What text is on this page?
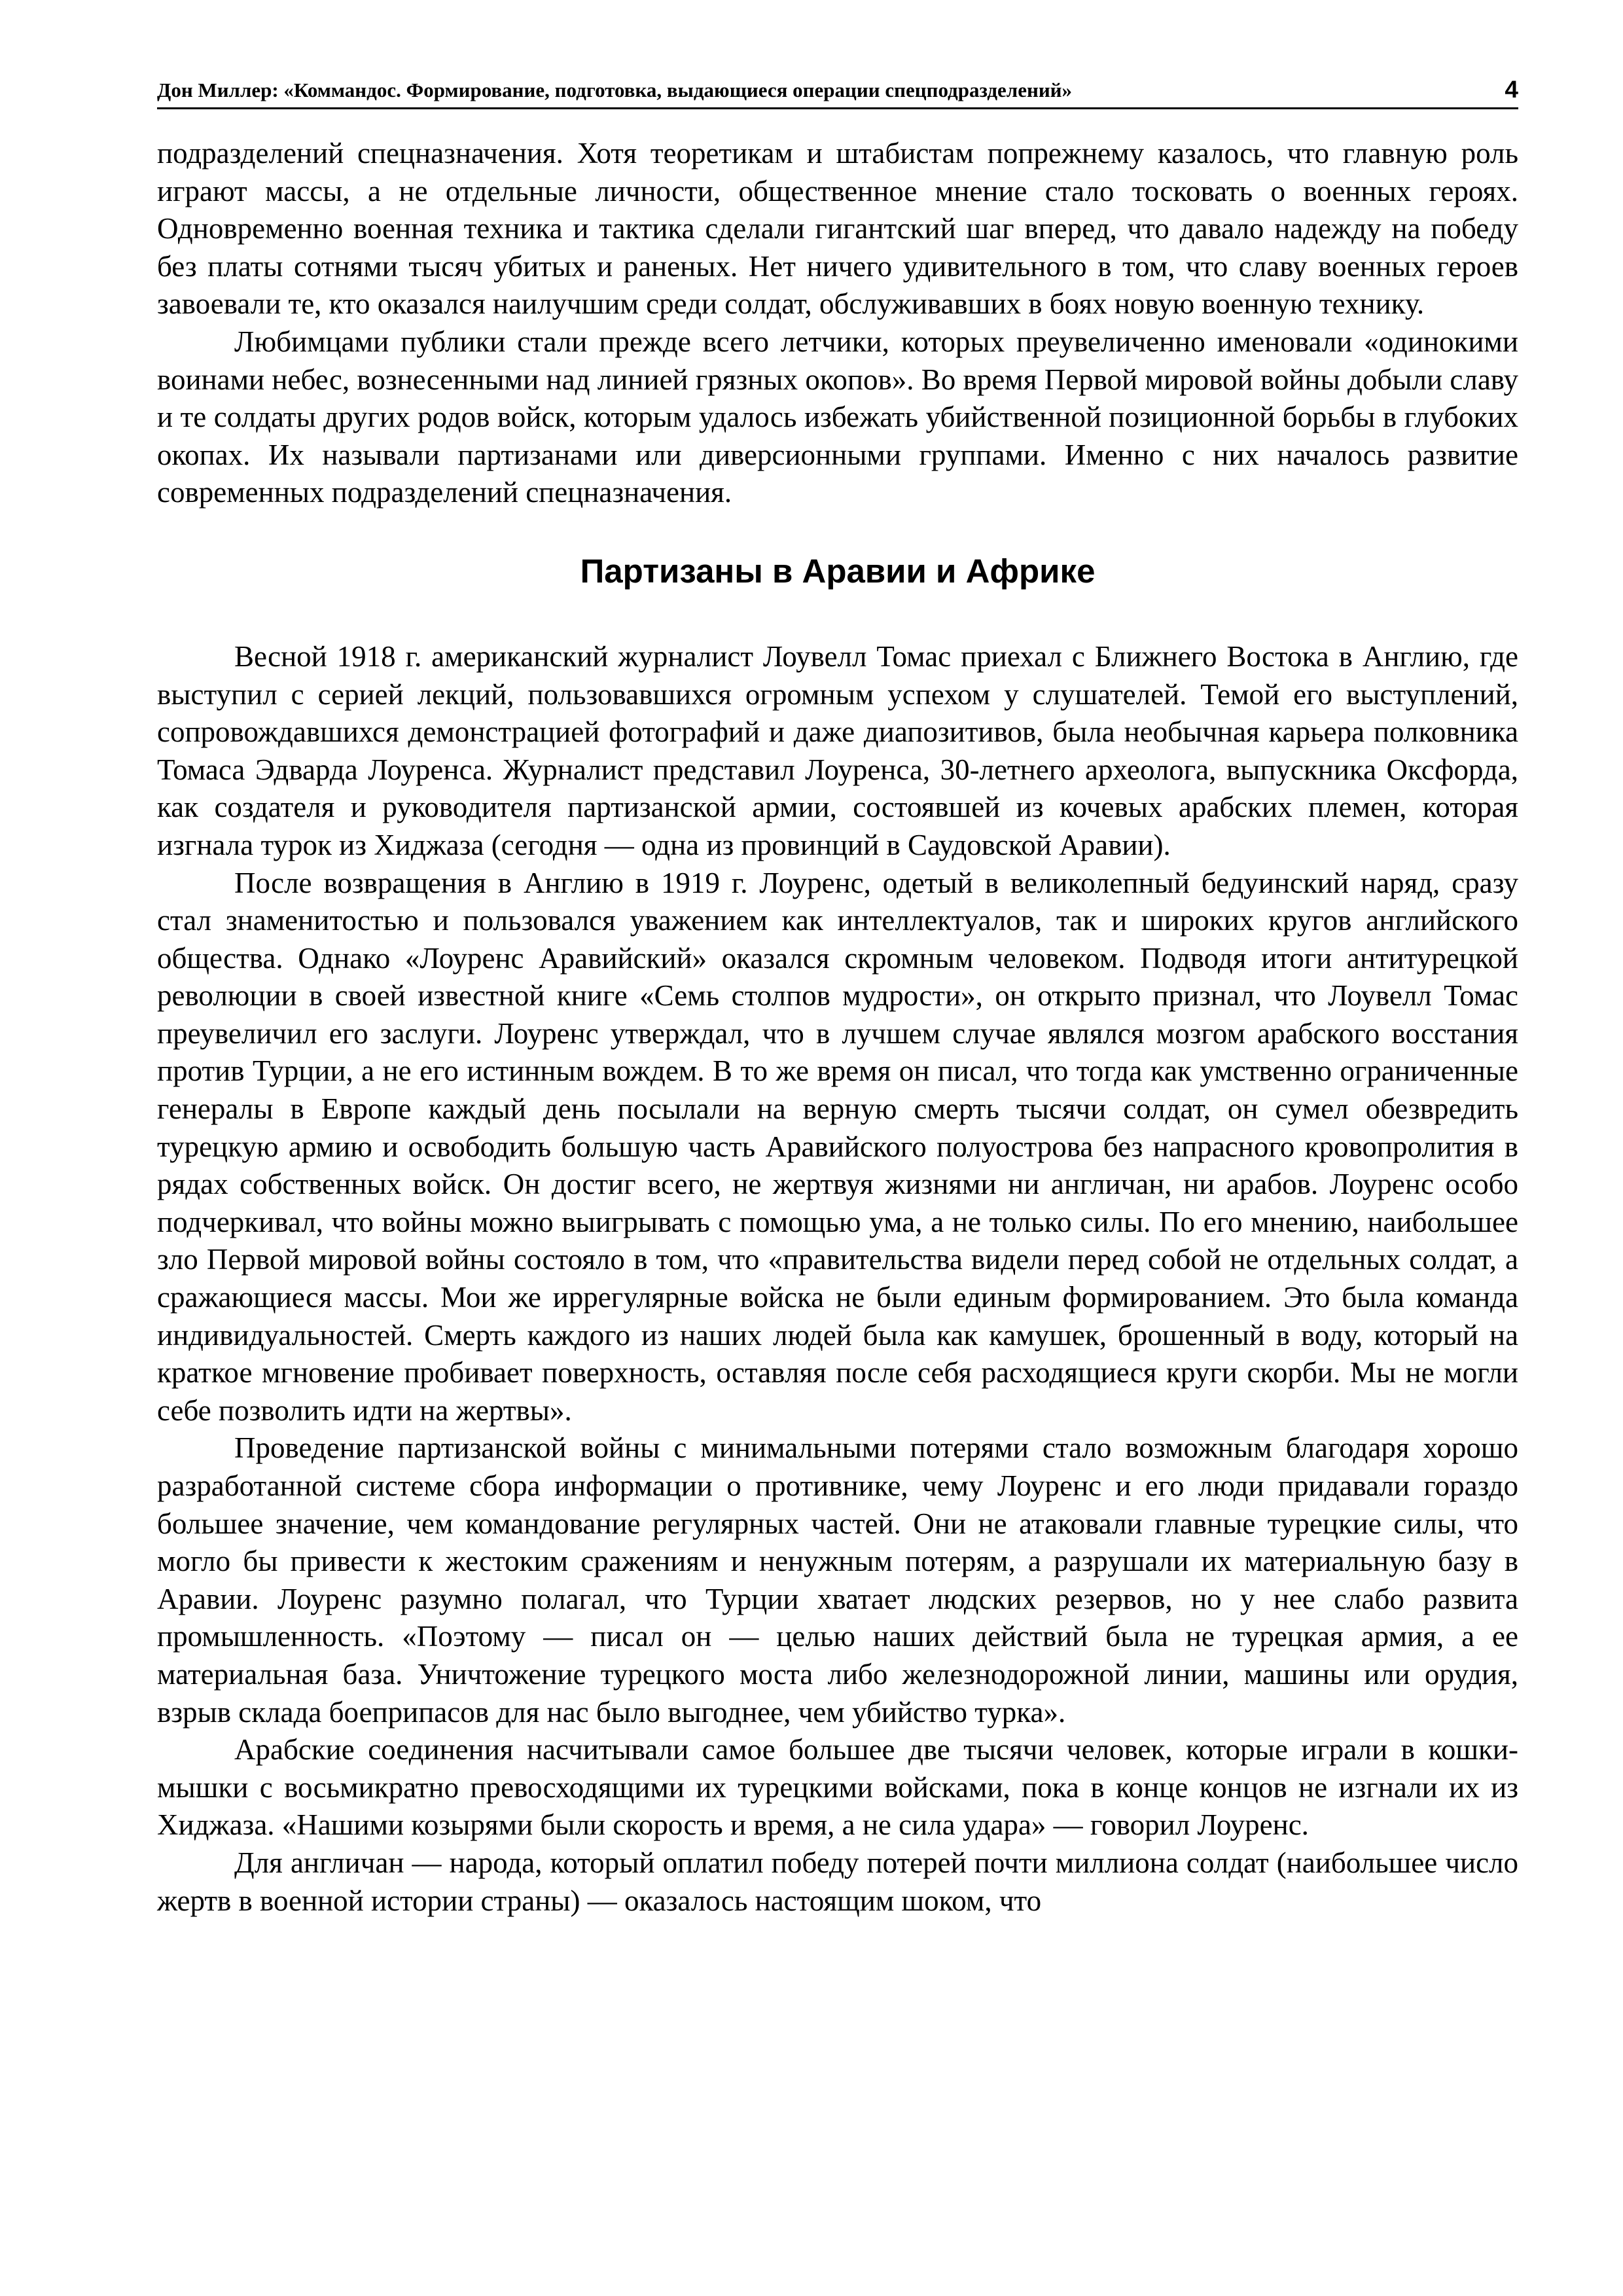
Дон Миллер: «Коммандос. Формирование, подготовка, выдающиеся операции спецподразделений»	4

подразделений спецназначения. Хотя теоретикам и штабистам попрежнему казалось, что главную роль играют массы, а не отдельные личности, общественное мнение стало тосковать о военных героях. Одновременно военная техника и тактика сделали гигантский шаг вперед, что давало надежду на победу без платы сотнями тысяч убитых и раненых. Нет ничего удивительного в том, что славу военных героев завоевали те, кто оказался наилучшим среди солдат, обслуживавших в боях новую военную технику.

Любимцами публики стали прежде всего летчики, которых преувеличенно именовали «одинокими воинами небес, вознесенными над линией грязных окопов». Во время Первой мировой войны добыли славу и те солдаты других родов войск, которым удалось избежать убийственной позиционной борьбы в глубоких окопах. Их называли партизанами или диверсионными группами. Именно с них началось развитие современных подразделений спецназначения.

Партизаны в Аравии и Африке

Весной 1918 г. американский журналист Лоувелл Томас приехал с Ближнего Востока в Англию, где выступил с серией лекций, пользовавшихся огромным успехом у слушателей. Темой его выступлений, сопровождавшихся демонстрацией фотографий и даже диапозитивов, была необычная карьера полковника Томаса Эдварда Лоуренса. Журналист представил Лоуренса, 30-летнего археолога, выпускника Оксфорда, как создателя и руководителя партизанской армии, состоявшей из кочевых арабских племен, которая изгнала турок из Хиджаза (сегодня — одна из провинций в Саудовской Аравии).

После возвращения в Англию в 1919 г. Лоуренс, одетый в великолепный бедуинский наряд, сразу стал знаменитостью и пользовался уважением как интеллектуалов, так и широких кругов английского общества. Однако «Лоуренс Аравийский» оказался скромным человеком. Подводя итоги антитурецкой революции в своей известной книге «Семь столпов мудрости», он открыто признал, что Лоувелл Томас преувеличил его заслуги. Лоуренс утверждал, что в лучшем случае являлся мозгом арабского восстания против Турции, а не его истинным вождем. В то же время он писал, что тогда как умственно ограниченные генералы в Европе каждый день посылали на верную смерть тысячи солдат, он сумел обезвредить турецкую армию и освободить большую часть Аравийского полуострова без напрасного кровопролития в рядах собственных войск. Он достиг всего, не жертвуя жизнями ни англичан, ни арабов. Лоуренс особо подчеркивал, что войны можно выигрывать с помощью ума, а не только силы. По его мнению, наибольшее зло Первой мировой войны состояло в том, что «правительства видели перед собой не отдельных солдат, а сражающиеся массы. Мои же иррегулярные войска не были единым формированием. Это была команда индивидуальностей. Смерть каждого из наших людей была как камушек, брошенный в воду, который на краткое мгновение пробивает поверхность, оставляя после себя расходящиеся круги скорби. Мы не могли себе позволить идти на жертвы».

Проведение партизанской войны с минимальными потерями стало возможным благодаря хорошо разработанной системе сбора информации о противнике, чему Лоуренс и его люди придавали гораздо большее значение, чем командование регулярных частей. Они не атаковали главные турецкие силы, что могло бы привести к жестоким сражениям и ненужным потерям, а разрушали их материальную базу в Аравии. Лоуренс разумно полагал, что Турции хватает людских резервов, но у нее слабо развита промышленность. «Поэтому — писал он — целью наших действий была не турецкая армия, а ее материальная база. Уничтожение турецкого моста либо железнодорожной линии, машины или орудия, взрыв склада боеприпасов для нас было выгоднее, чем убийство турка».

Арабские соединения насчитывали самое большее две тысячи человек, которые играли в кошки-мышки с восьмикратно превосходящими их турецкими войсками, пока в конце концов не изгнали их из Хиджаза. «Нашими козырями были скорость и время, а не сила удара» — говорил Лоуренс.

Для англичан — народа, который оплатил победу потерей почти миллиона солдат (наибольшее число жертв в военной истории страны) — оказалось настоящим шоком, что
